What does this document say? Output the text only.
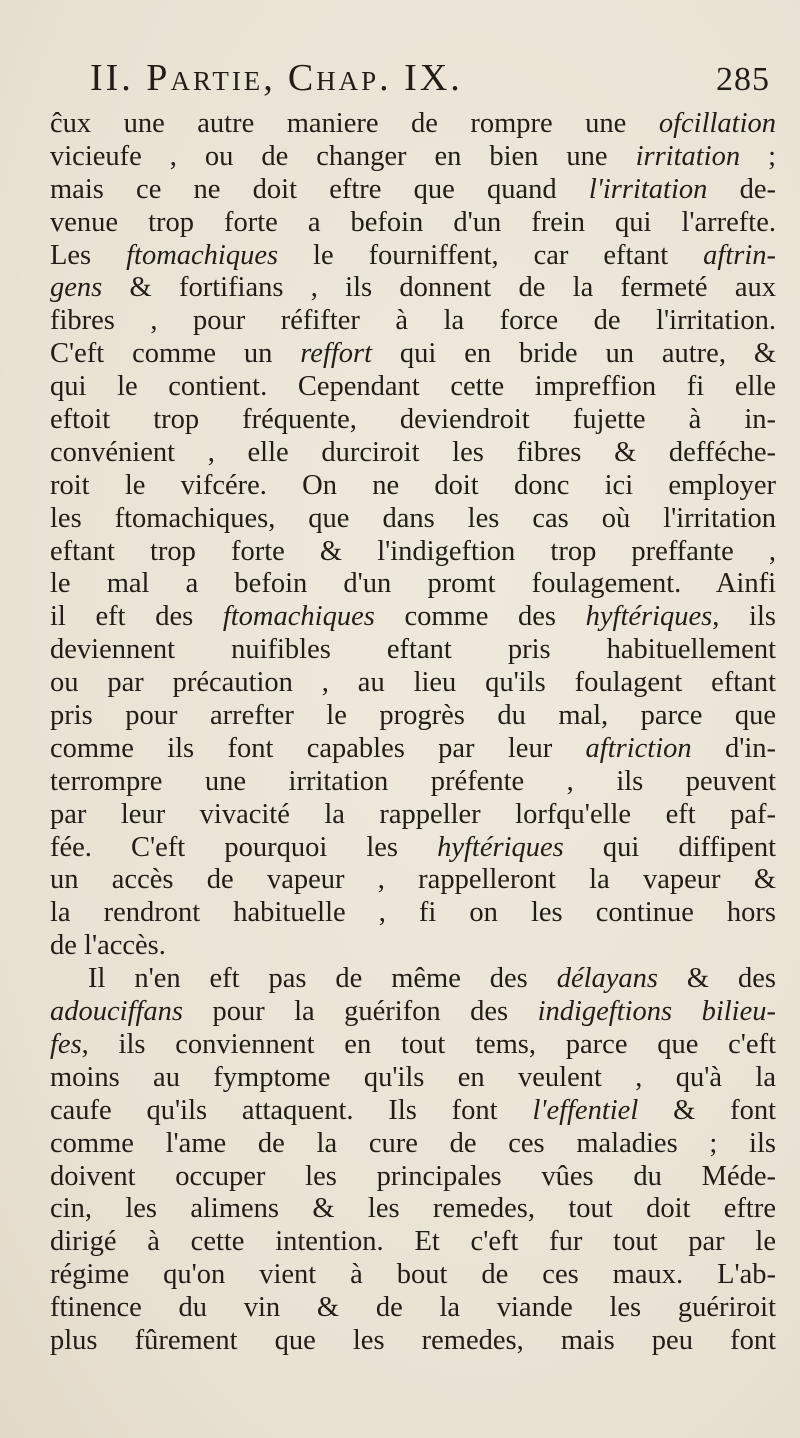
II. Partie, Chap. IX.	285
ĉux une autre maniere de rompre une ofcillation
vicieufe , ou de changer en bien une irritation ;
mais ce ne doit eftre que quand l'irritation de-
venue trop forte a befoin d'un frein qui l'arrefte.
Les ftomachiques le fourniffent, car eftant aftrin-
gens & fortifians , ils donnent de la fermeté aux
fibres , pour réfifter à la force de l'irritation.
C'eft comme un reffort qui en bride un autre, &
qui le contient. Cependant cette impreffion fi elle
eftoit trop fréquente, deviendroit fujette à in-
convénient , elle durciroit les fibres & defféche-
roit le vifcére. On ne doit donc ici employer
les ftomachiques, que dans les cas où l'irritation
eftant trop forte & l'indigeftion trop preffante ,
le mal a befoin d'un promt foulagement. Ainfi
il eft des ftomachiques comme des hyftériques, ils
deviennent nuifibles eftant pris habituellement
ou par précaution , au lieu qu'ils foulagent eftant
pris pour arrefter le progrès du mal, parce que
comme ils font capables par leur aftriction d'in-
terrompre une irritation préfente , ils peuvent
par leur vivacité la rappeller lorfqu'elle eft paf-
fée. C'eft pourquoi les hyftériques qui diffipent
un accès de vapeur , rappelleront la vapeur &
la rendront habituelle , fi on les continue hors
de l'accès.
Il n'en eft pas de même des délayans & des
adouciffans pour la guérifon des indigeftions bilieu-
fes, ils conviennent en tout tems, parce que c'eft
moins au fymptome qu'ils en veulent , qu'à la
caufe qu'ils attaquent. Ils font l'effentiel & font
comme l'ame de la cure de ces maladies ; ils
doivent occuper les principales vûes du Méde-
cin, les alimens & les remedes, tout doit eftre
dirigé à cette intention. Et c'eft fur tout par le
régime qu'on vient à bout de ces maux. L'ab-
ftinence du vin & de la viande les guériroit
plus fûrement que les remedes, mais peu font
